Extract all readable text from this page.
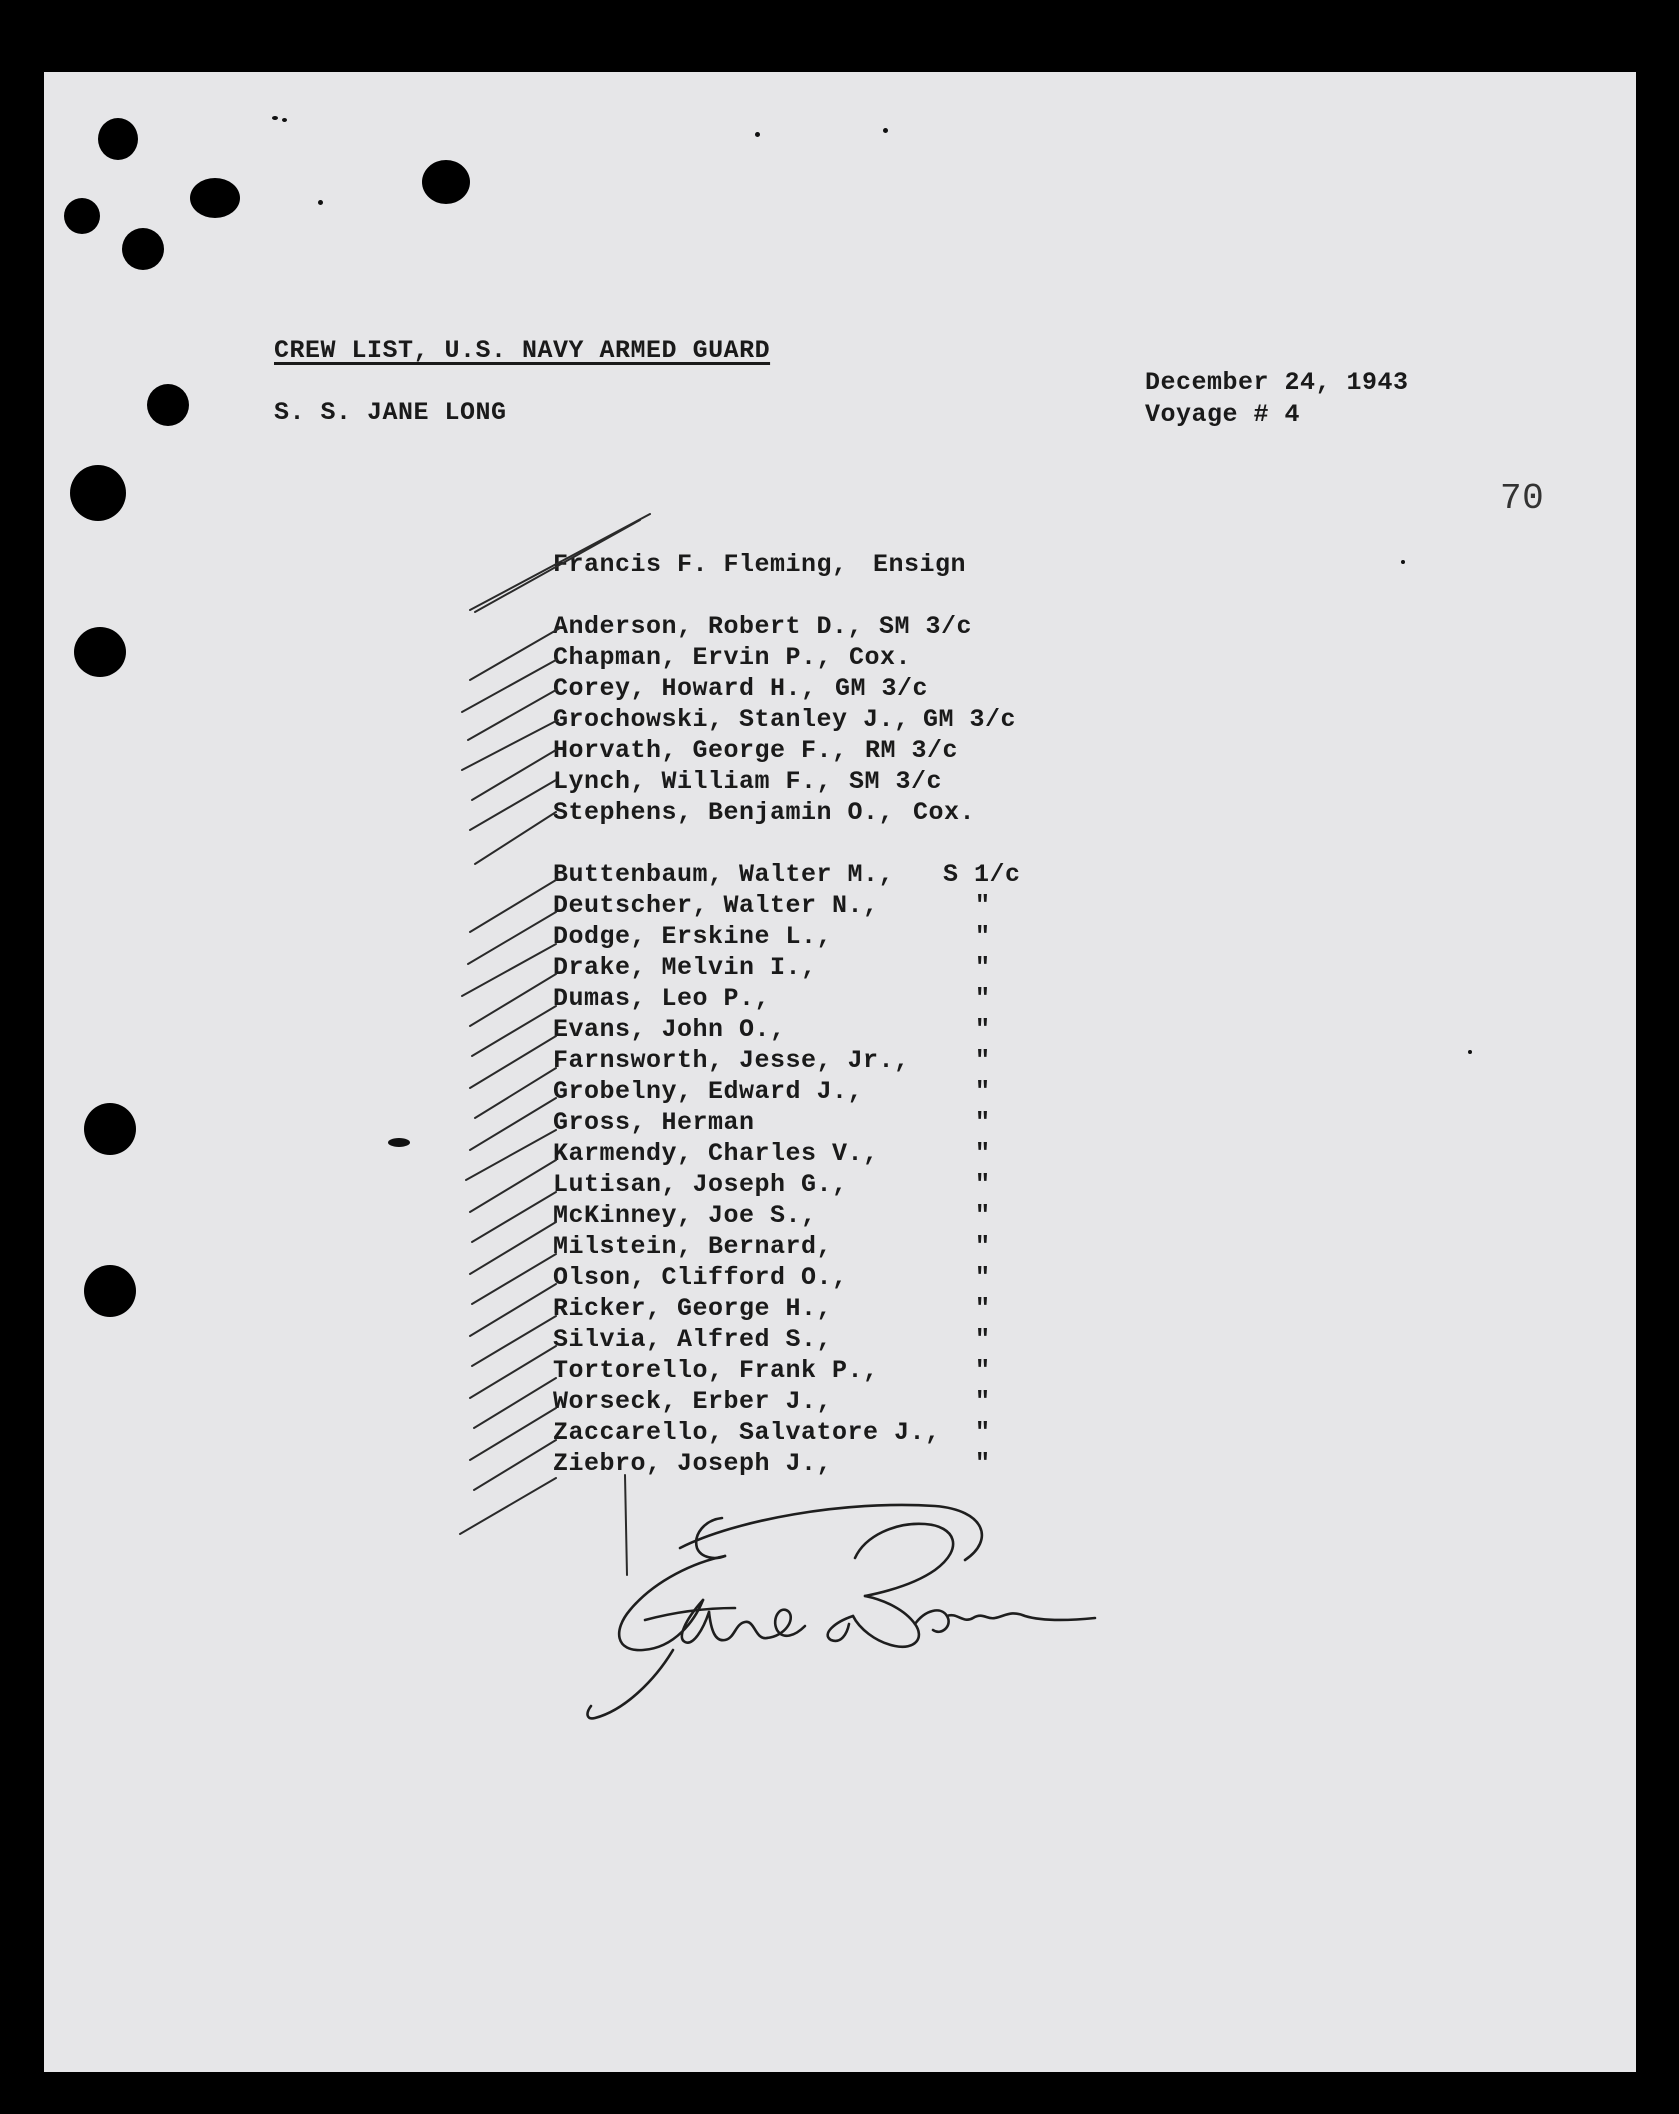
CREW LIST, U.S. NAVY ARMED GUARD
S. S. JANE LONG
December 24, 1943
Voyage # 4
70
Francis F. Fleming, Ensign
Anderson, Robert D., SM 3/c
Chapman, Ervin P., Cox.
Corey, Howard H., GM 3/c
Grochowski, Stanley J., GM 3/c
Horvath, George F., RM 3/c
Lynch, William F., SM 3/c
Stephens, Benjamin O., Cox.
Buttenbaum, Walter M., S 1/c
Deutscher, Walter N.,	"
Dodge, Erskine L.,	"
Drake, Melvin I.,	"
Dumas, Leo P.,	"
Evans, John O.,	"
Farnsworth, Jesse, Jr.,	"
Grobelny, Edward J.,	"
Gross, Herman	"
Karmendy, Charles V.,	"
Lutisan, Joseph G.,	"
McKinney, Joe S.,	"
Milstein, Bernard,	"
Olson, Clifford O.,	"
Ricker, George H.,	"
Silvia, Alfred S.,	"
Tortorello, Frank P.,	"
Worseck, Erber J.,	"
Zaccarello, Salvatore J., "
Ziebro, Joseph J.,	"
